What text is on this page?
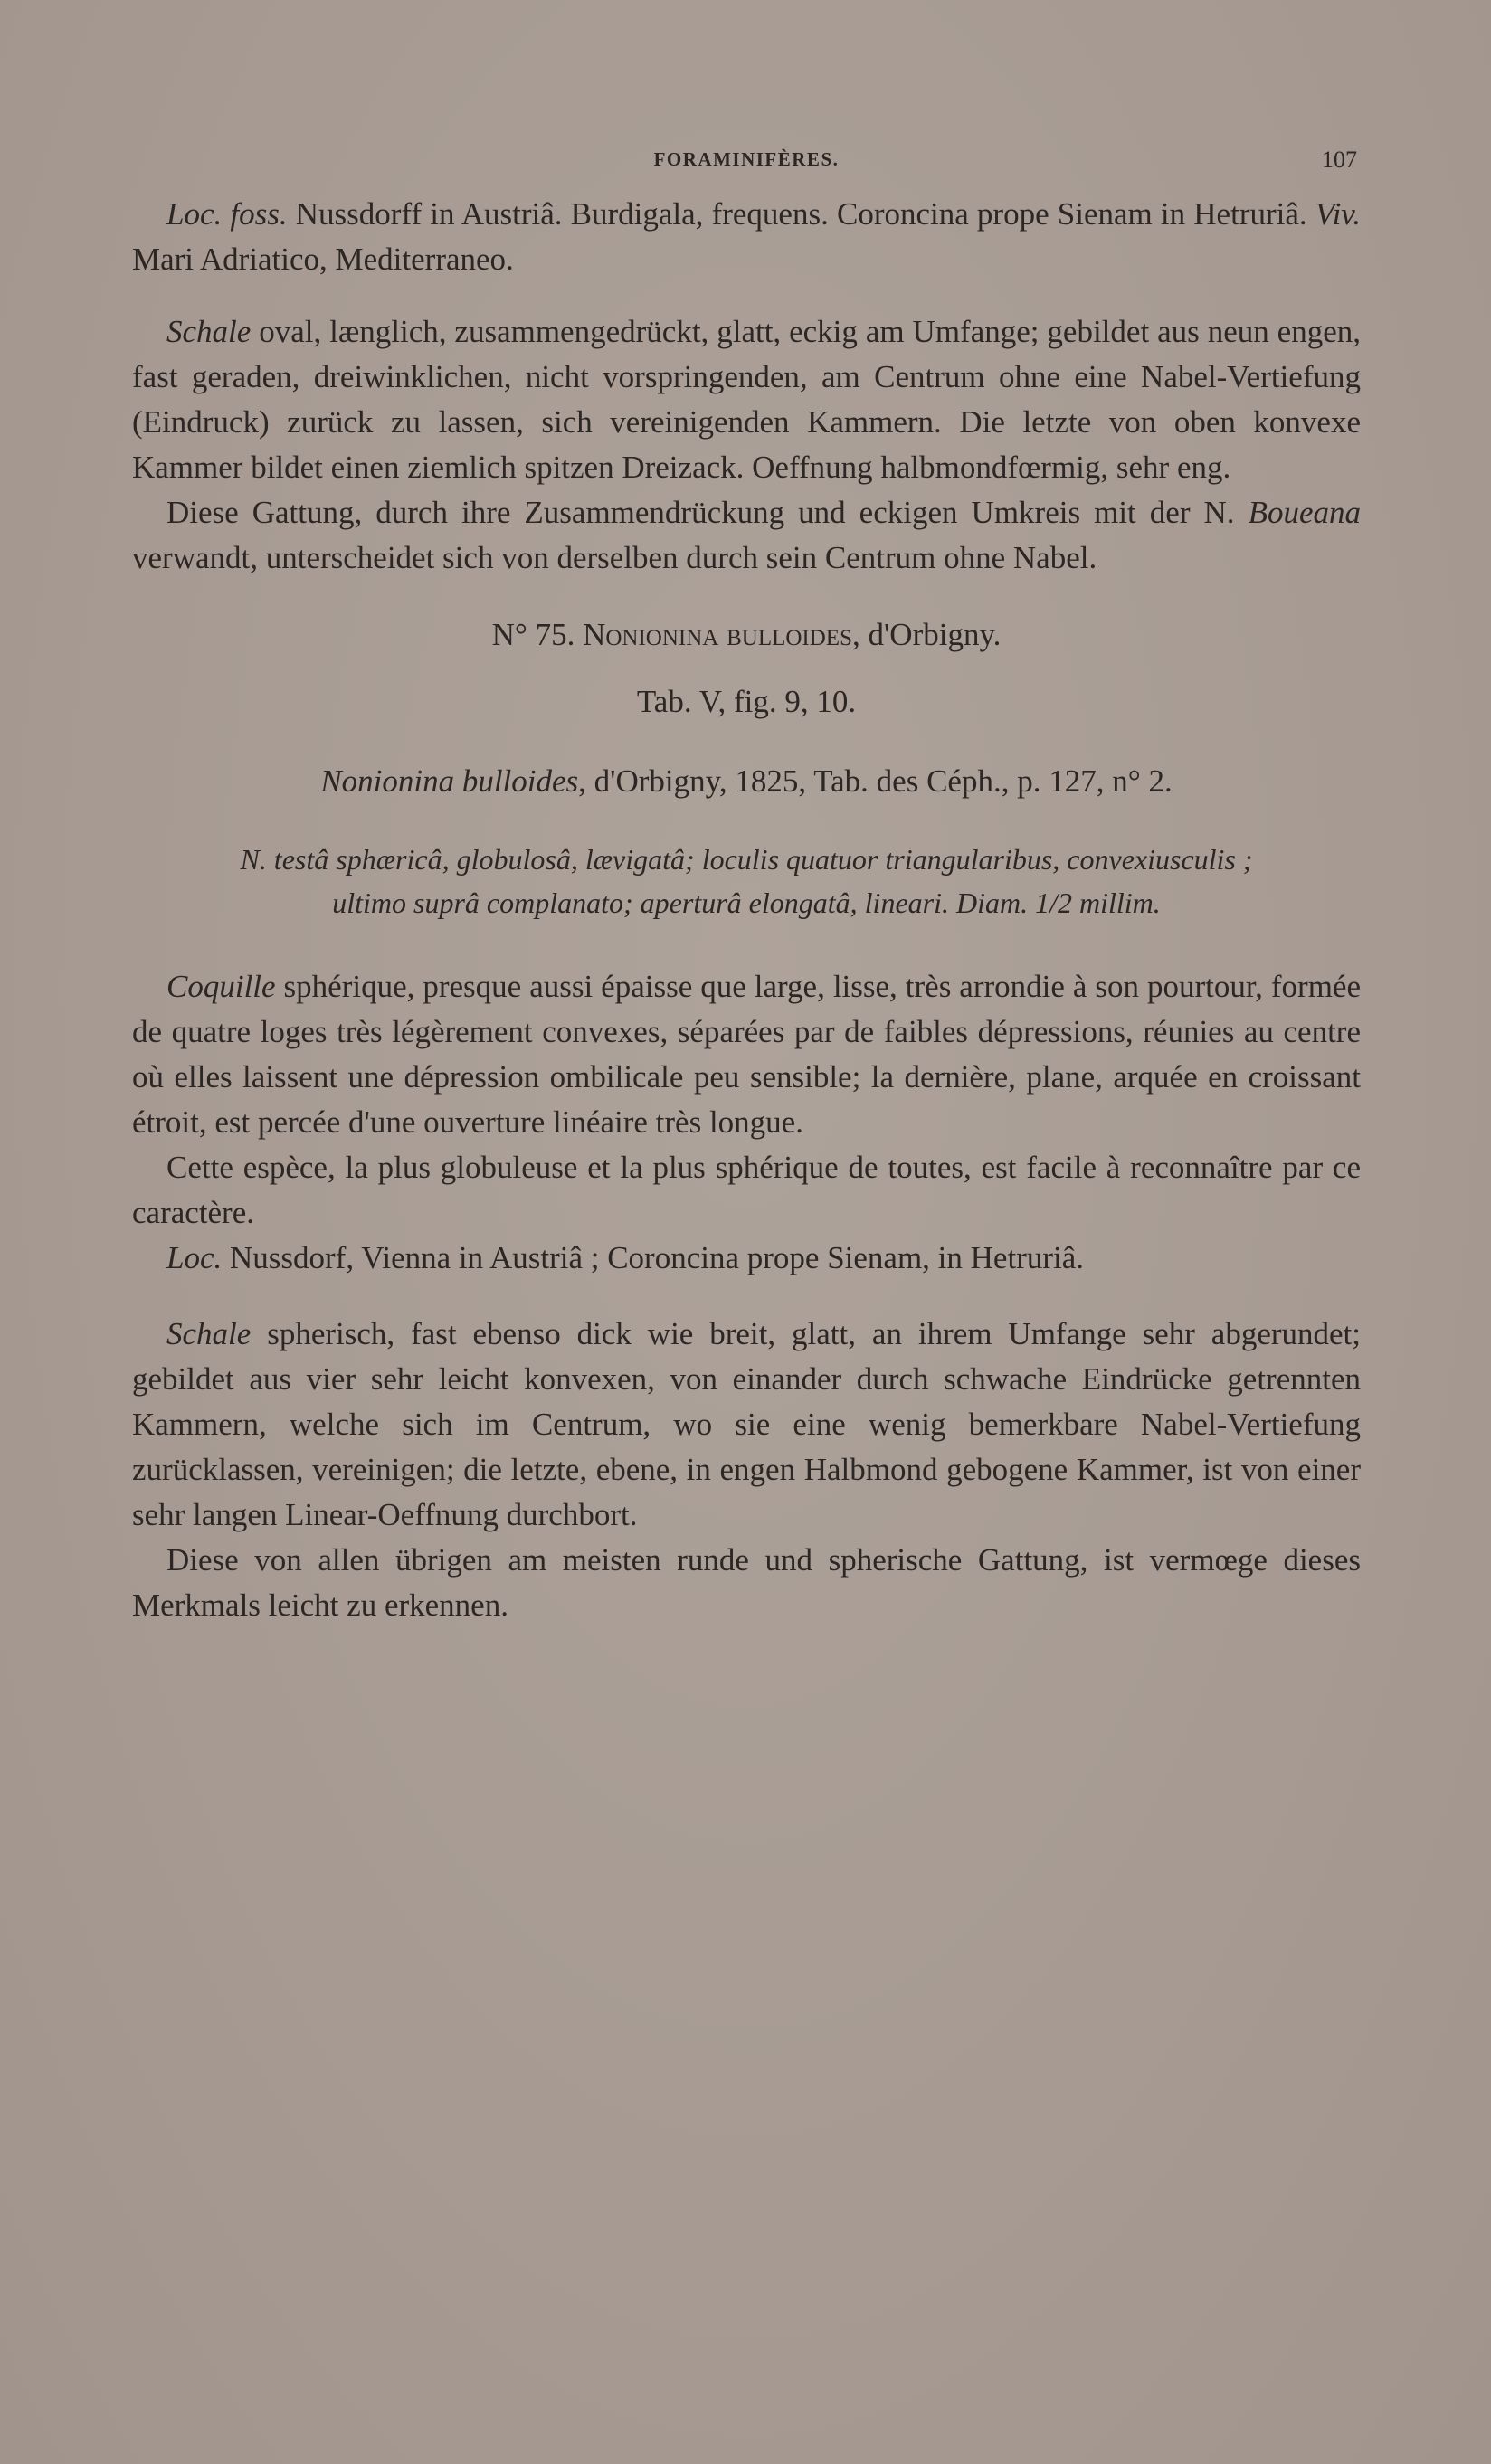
FORAMINIFÈRES.	107

Loc. foss. Nussdorff in Austriâ. Burdigala, frequens. Coroncina prope Sienam in Hetruriâ. Viv. Mari Adriatico, Mediterraneo.

Schale oval, længlich, zusammengedrückt, glatt, eckig am Umfange; gebildet aus neun engen, fast geraden, dreiwinklichen, nicht vorspringenden, am Centrum ohne eine Nabel-Vertiefung (Eindruck) zurück zu lassen, sich vereinigenden Kammern. Die letzte von oben konvexe Kammer bildet einen ziemlich spitzen Dreizack. Oeffnung halbmondfœrmig, sehr eng.

Diese Gattung, durch ihre Zusammendrückung und eckigen Umkreis mit der N. Boueana verwandt, unterscheidet sich von derselben durch sein Centrum ohne Nabel.

N° 75. Nonionina bulloides, d'Orbigny.

Tab. V, fig. 9, 10.

Nonionina bulloides, d'Orbigny, 1825, Tab. des Céph., p. 127, n° 2.

N. testâ sphæricâ, globulosâ, lævigatâ; loculis quatuor triangularibus, convexiusculis ;
ultimo suprâ complanato; aperturâ elongatâ, lineari. Diam. 1/2 millim.

Coquille sphérique, presque aussi épaisse que large, lisse, très arrondie à son pourtour, formée de quatre loges très légèrement convexes, séparées par de faibles dépressions, réunies au centre où elles laissent une dépression ombilicale peu sensible; la dernière, plane, arquée en croissant étroit, est percée d'une ouverture linéaire très longue.

Cette espèce, la plus globuleuse et la plus sphérique de toutes, est facile à reconnaître par ce caractère.

Loc. Nussdorf, Vienna in Austriâ ; Coroncina prope Sienam, in Hetruriâ.

Schale spherisch, fast ebenso dick wie breit, glatt, an ihrem Umfange sehr abgerundet; gebildet aus vier sehr leicht konvexen, von einander durch schwache Eindrücke getrennten Kammern, welche sich im Centrum, wo sie eine wenig bemerkbare Nabel-Vertiefung zurücklassen, vereinigen; die letzte, ebene, in engen Halbmond gebogene Kammer, ist von einer sehr langen Linear-Oeffnung durchbort.

Diese von allen übrigen am meisten runde und spherische Gattung, ist vermœge dieses Merkmals leicht zu erkennen.
